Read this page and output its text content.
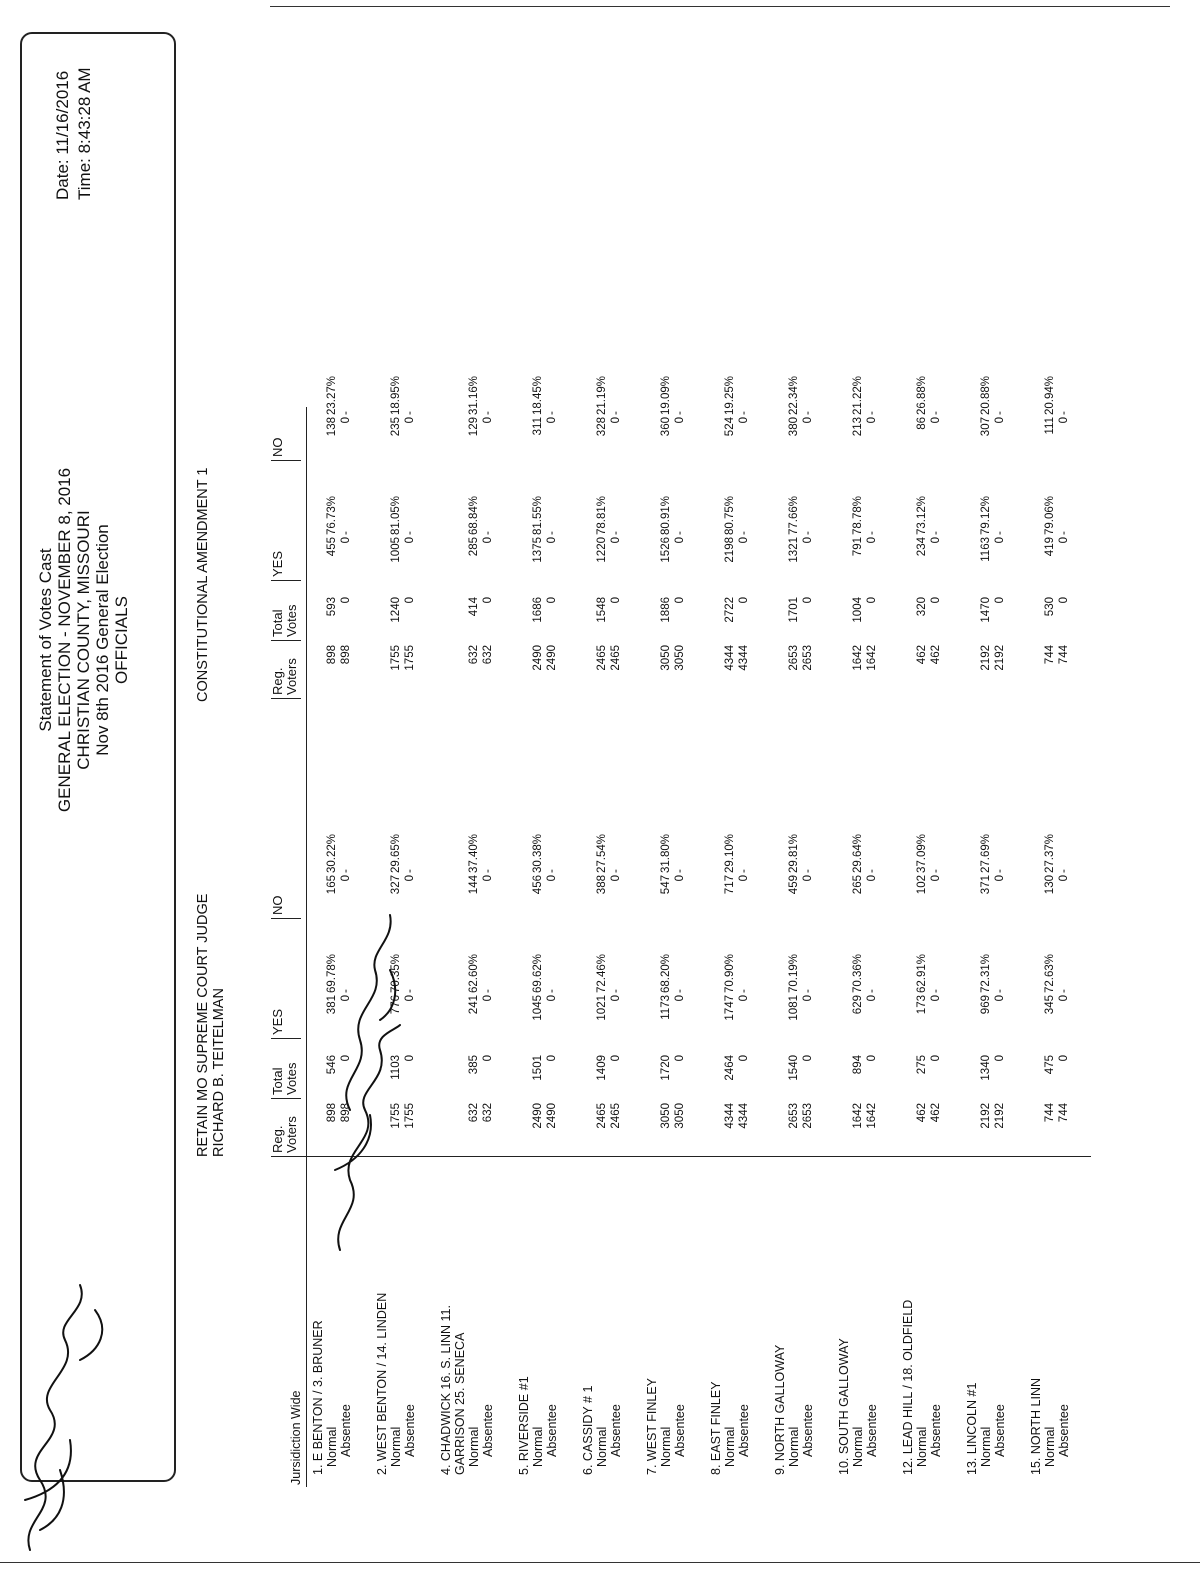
Date: 11/16/2016 Time: 8:43:28 AM
Statement of Votes Cast GENERAL ELECTION - NOVEMBER 8, 2016 CHRISTIAN COUNTY, MISSOURI Nov 8th 2016 General Election OFFICIALS
RETAIN MO SUPREME COURT JUDGE RICHARD B. TEITELMAN
CONSTITUTIONAL AMENDMENT 1
Jursidiction Wide 1. E BENTON / 3. BRUNER Normal
898
546
381
69.78%
165
30.22%
898
593
455
76.73%
138
23.27%
Absentee
898
0
0
-
0
-
898
0
0
-
0
-
2. WEST BENTON / 14. LINDEN Normal
1755
1103
776
70.35%
327
29.65%
1755
1240
1005
81.05%
235
18.95%
Absentee
1755
0
0
-
0
-
1755
0
0
-
0
-
4. CHADWICK 16. S. LINN 11. GARRISON 25. SENECA Normal
632
385
241
62.60%
144
37.40%
632
414
285
68.84%
129
31.16%
Absentee
632
0
0
-
0
-
632
0
0
-
0
-
5. RIVERSIDE #1 Normal
2490
1501
1045
69.62%
456
30.38%
2490
1686
1375
81.55%
311
18.45%
Absentee
2490
0
0
-
0
-
2490
0
0
-
0
-
6. CASSIDY # 1 Normal
2465
1409
1021
72.46%
388
27.54%
2465
1548
1220
78.81%
328
21.19%
Absentee
2465
0
0
-
0
-
2465
0
0
-
0
-
7. WEST FINLEY Normal
3050
1720
1173
68.20%
547
31.80%
3050
1886
1526
80.91%
360
19.09%
Absentee
3050
0
0
-
0
-
3050
0
0
-
0
-
8. EAST FINLEY Normal
4344
2464
1747
70.90%
717
29.10%
4344
2722
2198
80.75%
524
19.25%
Absentee
4344
0
0
-
0
-
4344
0
0
-
0
-
9. NORTH GALLOWAY Normal
2653
1540
1081
70.19%
459
29.81%
2653
1701
1321
77.66%
380
22.34%
Absentee
2653
0
0
-
0
-
2653
0
0
-
0
-
10. SOUTH GALLOWAY Normal
1642
894
629
70.36%
265
29.64%
1642
1004
791
78.78%
213
21.22%
Absentee
1642
0
0
-
0
-
1642
0
0
-
0
-
12. LEAD HILL / 18. OLDFIELD Normal
462
275
173
62.91%
102
37.09%
462
320
234
73.12%
86
26.88%
Absentee
462
0
0
-
0
-
462
0
0
-
0
-
13. LINCOLN #1 Normal
2192
1340
969
72.31%
371
27.69%
2192
1470
1163
79.12%
307
20.88%
Absentee
2192
0
0
-
0
-
2192
0
0
-
0
-
15. NORTH LINN Normal
744
475
345
72.63%
130
27.37%
744
530
419
79.06%
111
20.94%
Absentee
744
0
0
-
0
-
744
0
0
-
0
-
Reg. Voters
Total Votes
YES
NO
Reg. Voters
Total Votes
YES
NO
